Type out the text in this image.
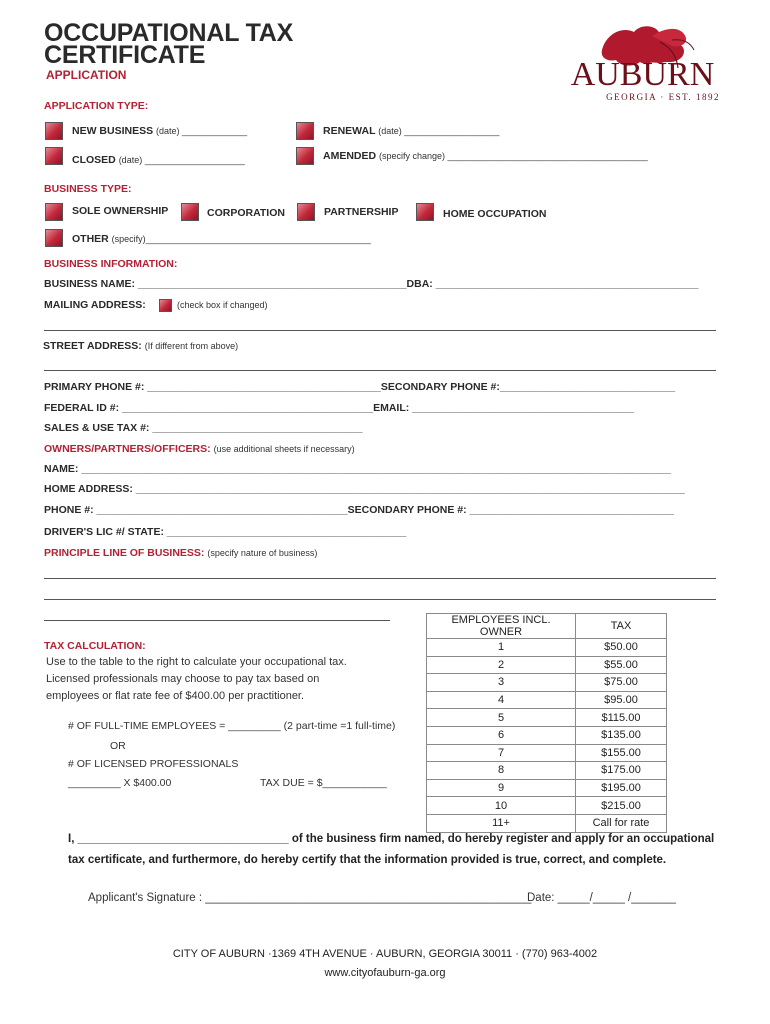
OCCUPATIONAL TAX
CERTIFICATE
APPLICATION	AUBURN
GEORGIA · EST. 1892
APPLICATION TYPE:
NEW BUSINESS (date) _____________	RENEWAL (date) ___________________
CLOSED (date) ____________________	AMENDED (specify change) ________________________________________
BUSINESS TYPE:
SOLE OWNERSHIP	CORPORATION	PARTNERSHIP	HOME OCCUPATION
OTHER (specify)_____________________________________________
BUSINESS INFORMATION:
BUSINESS NAME: ______________________________________________DBA: _____________________________________________
MAILING ADDRESS:	(check box if changed)
STREET ADDRESS: (If different from above)
PRIMARY PHONE #: ________________________________________SECONDARY PHONE #:______________________________
FEDERAL ID #: ___________________________________________EMAIL: ______________________________________
SALES & USE TAX #: ____________________________________
OWNERS/PARTNERS/OFFICERS: (use additional sheets if necessary)
NAME: _____________________________________________________________________________________________________
HOME ADDRESS: ______________________________________________________________________________________________
PHONE #: ___________________________________________SECONDARY PHONE #: ___________________________________
DRIVER'S LIC #/ STATE: _________________________________________
PRINCIPLE LINE OF BUSINESS: (specify nature of business)
TAX CALCULATION:
Use to the table to the right to calculate your occupational tax.
Licensed professionals may choose to pay tax based on
employees or flat rate fee of $400.00 per practitioner.
# OF FULL-TIME EMPLOYEES = _________ (2 part-time =1 full-time)
OR
# OF LICENSED PROFESSIONALS
_________ X $400.00	TAX DUE = $___________
EMPLOYEES INCL. OWNER	TAX
1	$50.00
2	$55.00
3	$75.00
4	$95.00
5	$115.00
6	$135.00
7	$155.00
8	$175.00
9	$195.00
10	$215.00
11+	Call for rate
I, _________________________________ of the business firm named, do hereby register and apply for an occupational tax certificate, and furthermore, do hereby certify that the information provided is true, correct, and complete.
Applicant's Signature : ___________________________________________________
Date: _____/_____ /_______
CITY OF AUBURN ·1369 4TH AVENUE · AUBURN, GEORGIA 30011 · (770) 963-4002
www.cityofauburn-ga.org
